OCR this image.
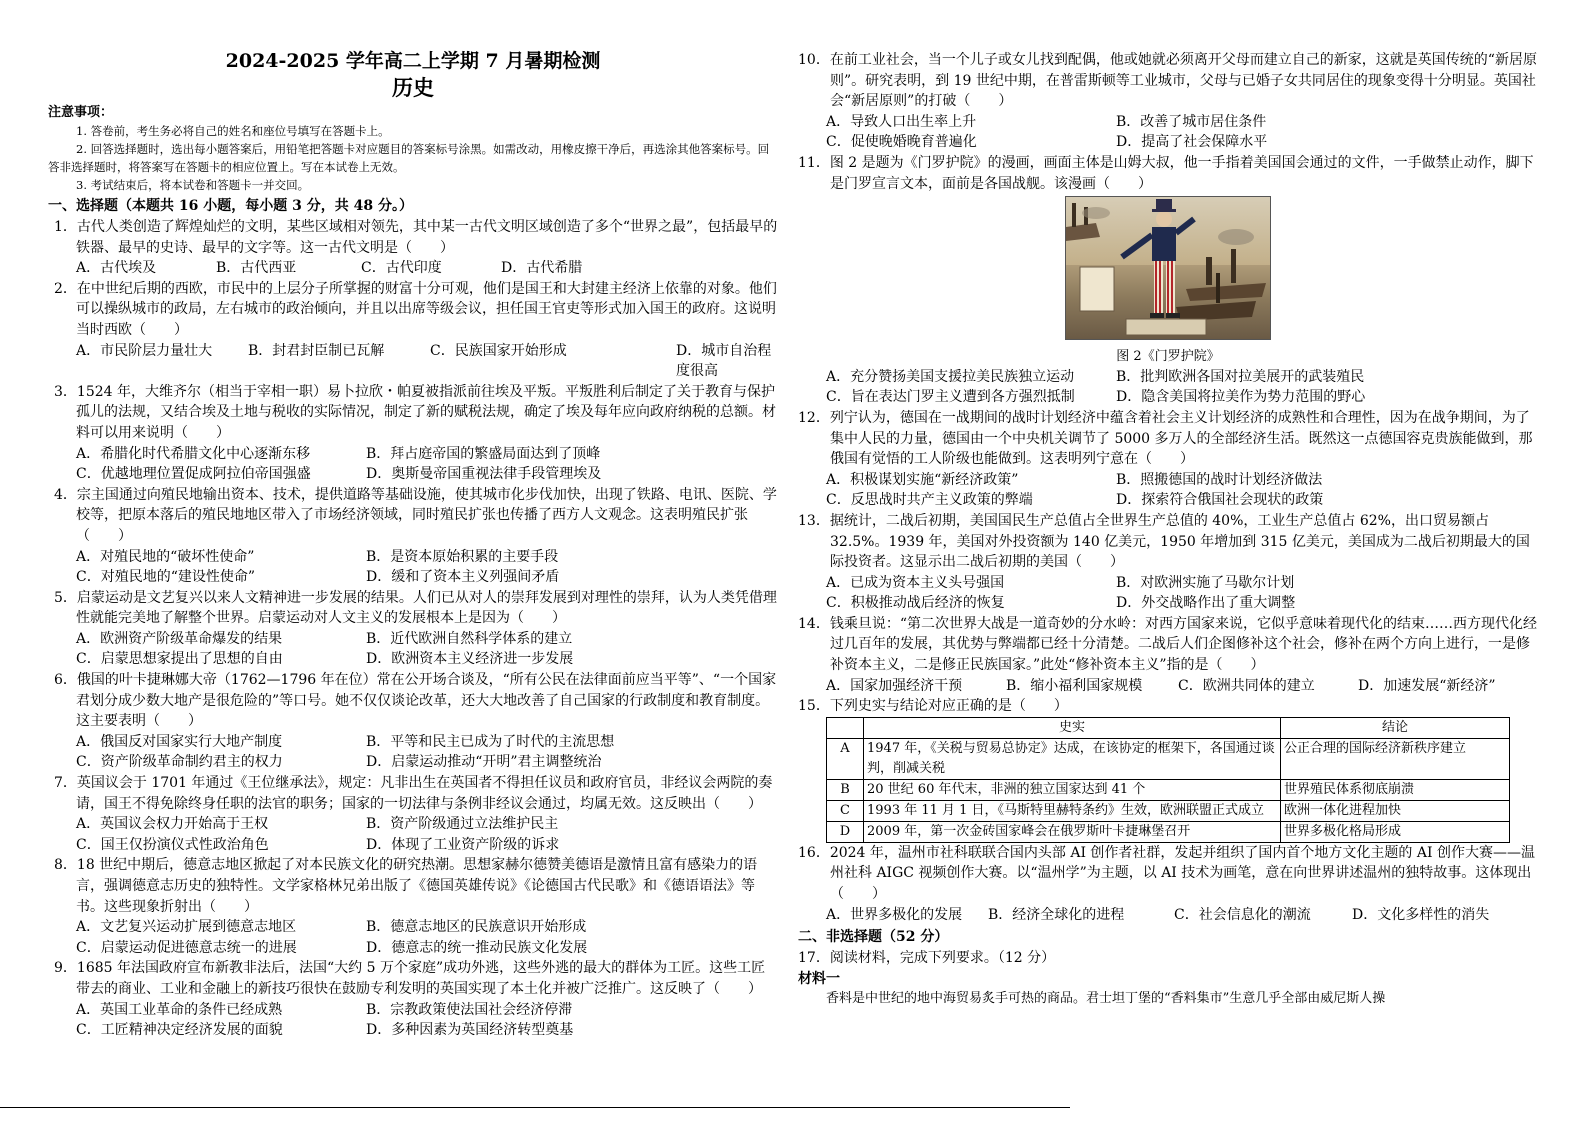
2024-2025 学年高二上学期 7 月暑期检测
历史
注意事项：
1. 答卷前，考生务必将自己的姓名和座位号填写在答题卡上。
2. 回答选择题时，选出每小题答案后，用铅笔把答题卡对应题目的答案标号涂黑。如需改动，用橡皮擦干净后，再选涂其他答案标号。回答非选择题时，将答案写在答题卡的相应位置上。写在本试卷上无效。
3. 考试结束后，将本试卷和答题卡一并交回。
一、选择题（本题共 16 小题，每小题 3 分，共 48 分。）
1．古代人类创造了辉煌灿烂的文明，某些区域相对领先，其中某一古代文明区域创造了多个“世界之最”，包括最早的铁器、最早的史诗、最早的文字等。这一古代文明是（　　）
A．古代埃及	B．古代西亚	C．古代印度	D．古代希腊
2．在中世纪后期的西欧，市民中的上层分子所掌握的财富十分可观，他们是国王和大封建主经济上依靠的对象。他们可以操纵城市的政局，左右城市的政治倾向，并且以出席等级会议，担任国王官吏等形式加入国王的政府。这说明当时西欧（　　）
A．市民阶层力量壮大	B．封君封臣制已瓦解	C．民族国家开始形成	D．城市自治程度很高
3．1524 年，大维齐尔（相当于宰相一职）易卜拉欣・帕夏被指派前往埃及平叛。平叛胜利后制定了关于教育与保护孤儿的法规，又结合埃及土地与税收的实际情况，制定了新的赋税法规，确定了埃及每年应向政府纳税的总额。材料可以用来说明（　　）
A．希腊化时代希腊文化中心逐渐东移	B．拜占庭帝国的繁盛局面达到了顶峰
C．优越地理位置促成阿拉伯帝国强盛	D．奥斯曼帝国重视法律手段管理埃及
4．宗主国通过向殖民地输出资本、技术，提供道路等基础设施，使其城市化步伐加快，出现了铁路、电讯、医院、学校等，把原本落后的殖民地地区带入了市场经济领域，同时殖民扩张也传播了西方人文观念。这表明殖民扩张（　　）
A．对殖民地的“破坏性使命”	B．是资本原始积累的主要手段
C．对殖民地的“建设性使命”	D．缓和了资本主义列强间矛盾
5．启蒙运动是文艺复兴以来人文精神进一步发展的结果。人们已从对人的崇拜发展到对理性的崇拜，认为人类凭借理性就能完美地了解整个世界。启蒙运动对人文主义的发展根本上是因为（　　）
A．欧洲资产阶级革命爆发的结果	B．近代欧洲自然科学体系的建立
C．启蒙思想家提出了思想的自由	D．欧洲资本主义经济进一步发展
6．俄国的叶卡捷琳娜大帝（1762—1796 年在位）常在公开场合谈及，“所有公民在法律面前应当平等”、“一个国家君划分成少数大地产是很危险的”等口号。她不仅仅谈论改革，还大大地改善了自己国家的行政制度和教育制度。这主要表明（　　）
A．俄国反对国家实行大地产制度	B．平等和民主已成为了时代的主流思想
C．资产阶级革命制约君主的权力	D．启蒙运动推动“开明”君主调整统治
7．英国议会于 1701 年通过《王位继承法》，规定：凡非出生在英国者不得担任议员和政府官员，非经议会两院的奏请，国王不得免除终身任职的法官的职务；国家的一切法律与条例非经议会通过，均属无效。这反映出（　　）
A．英国议会权力开始高于王权	B．资产阶级通过立法维护民主
C．国王仅扮演仪式性政治角色	D．体现了工业资产阶级的诉求
8．18 世纪中期后，德意志地区掀起了对本民族文化的研究热潮。思想家赫尔德赞美德语是激情且富有感染力的语言，强调德意志历史的独特性。文学家格林兄弟出版了《德国英雄传说》《论德国古代民歌》和《德语语法》等书。这些现象折射出（　　）
A．文艺复兴运动扩展到德意志地区	B．德意志地区的民族意识开始形成
C．启蒙运动促进德意志统一的进展	D．德意志的统一推动民族文化发展
9．1685 年法国政府宣布新教非法后，法国“大约 5 万个家庭”成功外逃，这些外逃的最大的群体为工匠。这些工匠带去的商业、工业和金融上的新技巧很快在鼓励专利发明的英国实现了本土化并被广泛推广。这反映了（　　）
A．英国工业革命的条件已经成熟	B．宗教政策使法国社会经济停滞
C．工匠精神决定经济发展的面貌	D．多种因素为英国经济转型奠基
10．在前工业社会，当一个儿子或女儿找到配偶，他或她就必须离开父母而建立自己的新家，这就是英国传统的“新居原则”。研究表明，到 19 世纪中期，在普雷斯顿等工业城市，父母与已婚子女共同居住的现象变得十分明显。英国社会“新居原则”的打破（　　）
A．导致人口出生率上升	B．改善了城市居住条件
C．促使晚婚晚育普遍化	D．提高了社会保障水平
11．图 2 是题为《门罗护院》的漫画，画面主体是山姆大叔，他一手指着美国国会通过的文件，一手做禁止动作，脚下是门罗宣言文本，面前是各国战舰。该漫画（　　）
图 2《门罗护院》
A．充分赞扬美国支援拉美民族独立运动	B．批判欧洲各国对拉美展开的武装殖民
C．旨在表达门罗主义遭到各方强烈抵制	D．隐含美国将拉美作为势力范围的野心
12．列宁认为，德国在一战期间的战时计划经济中蕴含着社会主义计划经济的成熟性和合理性，因为在战争期间，为了集中人民的力量，德国由一个中央机关调节了 5000 多万人的全部经济生活。既然这一点德国容克贵族能做到，那俄国有觉悟的工人阶级也能做到。这表明列宁意在（　　）
A．积极谋划实施“新经济政策”	B．照搬德国的战时计划经济做法
C．反思战时共产主义政策的弊端	D．探索符合俄国社会现状的政策
13．据统计，二战后初期，美国国民生产总值占全世界生产总值的 40%，工业生产总值占 62%，出口贸易额占 32.5%。1939 年，美国对外投资额为 140 亿美元，1950 年增加到 315 亿美元，美国成为二战后初期最大的国际投资者。这显示出二战后初期的美国（　　）
A．已成为资本主义头号强国	B．对欧洲实施了马歇尔计划
C．积极推动战后经济的恢复	D．外交战略作出了重大调整
14．钱乘旦说：“第二次世界大战是一道奇妙的分水岭：对西方国家来说，它似乎意味着现代化的结束……西方现代化经过几百年的发展，其优势与弊端都已经十分清楚。二战后人们企图修补这个社会，修补在两个方向上进行，一是修补资本主义，二是修正民族国家。”此处“修补资本主义”指的是（　　）
A．国家加强经济干预	B．缩小福利国家规模	C．欧洲共同体的建立	D．加速发展“新经济”
15．下列史实与结论对应正确的是（　　）
	史实	结论
A	1947 年，《关税与贸易总协定》达成，在该协定的框架下，各国通过谈判，削减关税	公正合理的国际经济新秩序建立
B	20 世纪 60 年代末，非洲的独立国家达到 41 个	世界殖民体系彻底崩溃
C	1993 年 11 月 1 日，《马斯特里赫特条约》生效，欧洲联盟正式成立	欧洲一体化进程加快
D	2009 年，第一次金砖国家峰会在俄罗斯叶卡捷琳堡召开	世界多极化格局形成
16．2024 年，温州市社科联联合国内头部 AI 创作者社群，发起并组织了国内首个地方文化主题的 AI 创作大赛——温州社科 AIGC 视频创作大赛。以“温州学”为主题，以 AI 技术为画笔，意在向世界讲述温州的独特故事。这体现出（　　）
A．世界多极化的发展	B．经济全球化的进程	C．社会信息化的潮流	D．文化多样性的消失
二、非选择题（52 分）
17．阅读材料，完成下列要求。（12 分）
材料一
香料是中世纪的地中海贸易炙手可热的商品。君士坦丁堡的“香料集市”生意几乎全部由威尼斯人操
